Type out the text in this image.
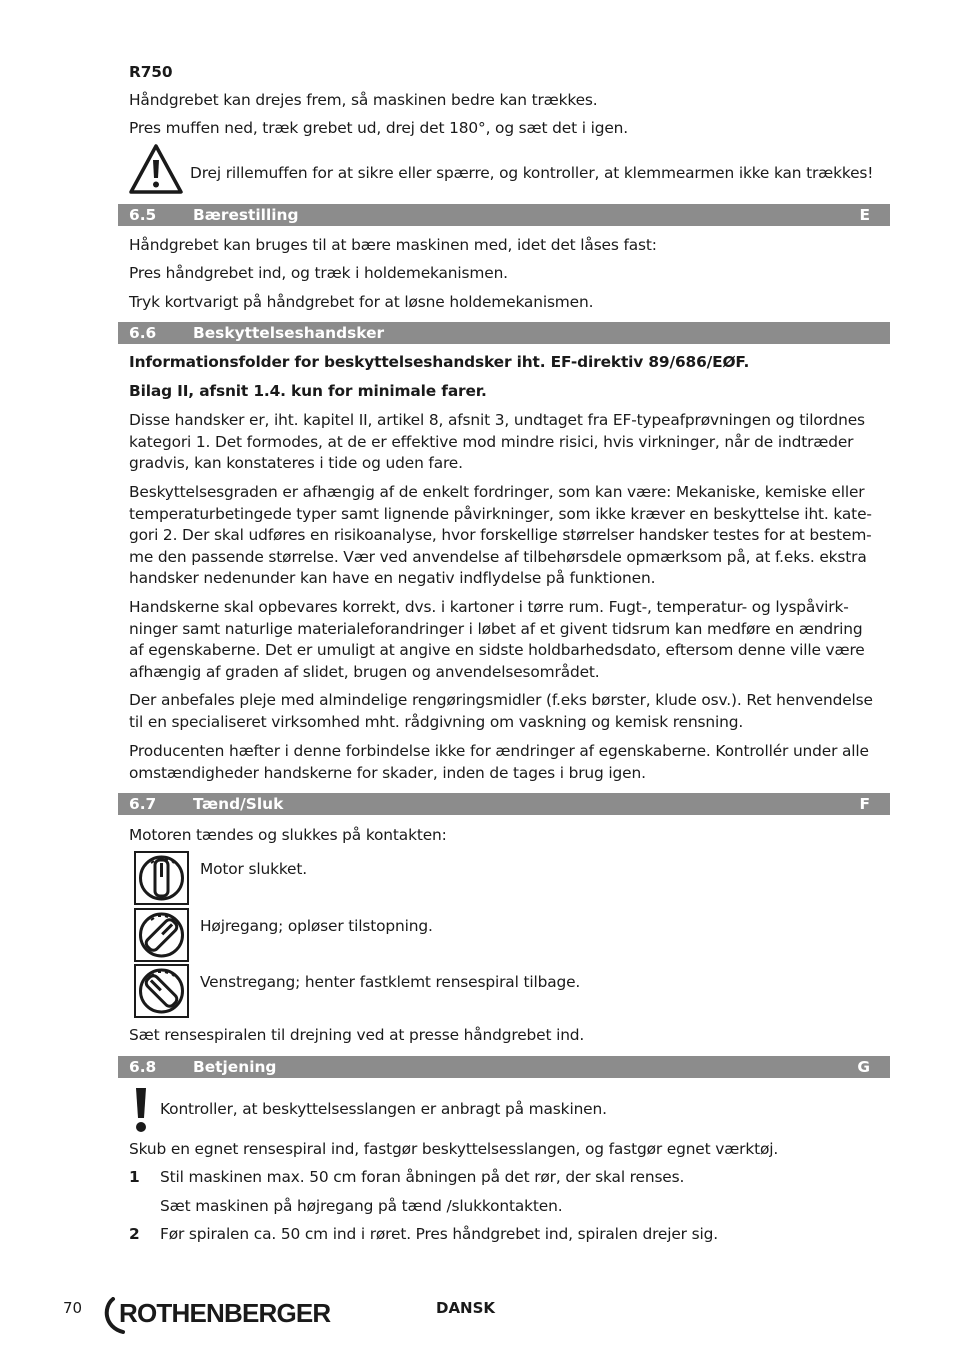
R750

Håndgrebet kan drejes frem, så maskinen bedre kan trækkes.

Pres muffen ned, træk grebet ud, drej det 180°, og sæt det i igen.

Drej rillemuffen for at sikre eller spærre, og kontroller, at klemmearmen ikke kan trækkes!

6.5 Bærestilling	E

Håndgrebet kan bruges til at bære maskinen med, idet det låses fast:

Pres håndgrebet ind, og træk i holdemekanismen.

Tryk kortvarigt på håndgrebet for at løsne holdemekanismen.

6.6 Beskyttelseshandsker

Informationsfolder for beskyttelseshandsker iht. EF-direktiv 89/686/EØF.

Bilag II, afsnit 1.4. kun for minimale farer.

Disse handsker er, iht. kapitel II, artikel 8, afsnit 3, undtaget fra EF-typeafprøvningen og tilordnes

kategori 1. Det formodes, at de er effektive mod mindre risici, hvis virkninger, når de indtræder

gradvis, kan konstateres i tide og uden fare.

Beskyttelsesgraden er afhængig af de enkelt fordringer, som kan være: Mekaniske, kemiske eller

temperaturbetingede typer samt lignende påvirkninger, som ikke kræver en beskyttelse iht. kate-

gori 2. Der skal udføres en risikoanalyse, hvor forskellige størrelser handsker testes for at bestem-

me den passende størrelse. Vær ved anvendelse af tilbehørsdele opmærksom på, at f.eks. ekstra

handsker nedenunder kan have en negativ indflydelse på funktionen.

Handskerne skal opbevares korrekt, dvs. i kartoner i tørre rum. Fugt-, temperatur- og lyspåvirk-

ninger samt naturlige materialeforandringer i løbet af et givent tidsrum kan medføre en ændring

af egenskaberne. Det er umuligt at angive en sidste holdbarhedsdato, eftersom denne ville være

afhængig af graden af slidet, brugen og anvendelsesområdet.

Der anbefales pleje med almindelige rengøringsmidler (f.eks børster, klude osv.). Ret henvendelse

til en specialiseret virksomhed mht. rådgivning om vaskning og kemisk rensning.

Producenten hæfter i denne forbindelse ikke for ændringer af egenskaberne. Kontrollér under alle

omstændigheder handskerne for skader, inden de tages i brug igen.

6.7 Tænd/Sluk	F

Motoren tændes og slukkes på kontakten:

Motor slukket.

Højregang; opløser tilstopning.

Venstregang; henter fastklemt rensespiral tilbage.

Sæt rensespiralen til drejning ved at presse håndgrebet ind.

6.8 Betjening	G

Kontroller, at beskyttelsesslangen er anbragt på maskinen.

Skub en egnet rensespiral ind, fastgør beskyttelsesslangen, og fastgør egnet værktøj.

1 Stil maskinen max. 50 cm foran åbningen på det rør, der skal renses.

Sæt maskinen på højregang på tænd /slukkontakten.

2 Før spiralen ca. 50 cm ind i røret. Pres håndgrebet ind, spiralen drejer sig.

70 ROTHENBERGER	DANSK
